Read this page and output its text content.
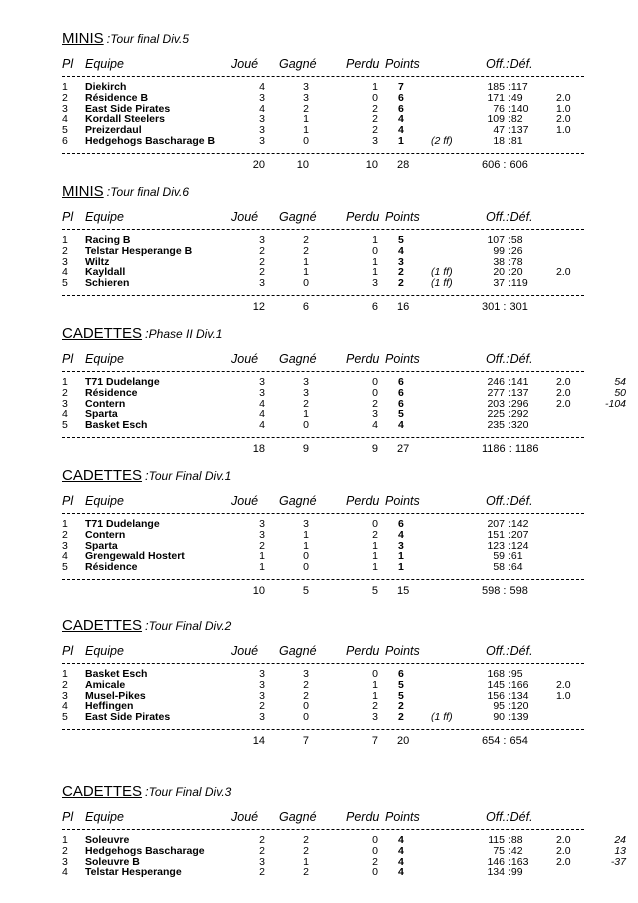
MINIS :Tour final Div.5
Pl Equipe	Joué Gagné Perdu Points	Off.:Déf.
1 Diekirch	4	3	1 7	185 :117
2 Résidence B	3	3	0 6	171 :49	2.0
3 East Side Pirates	4	2	2 6	76 :140	1.0
4 Kordall Steelers	3	1	2 4	109 :82	2.0
5 Preizerdaul	3	1	2 4	47 :137	1.0
6 Hedgehogs Bascharage B	3	0	3 1	(2 ff)	18 :81
20	10	10 28	606 : 606
MINIS :Tour final Div.6
Pl Equipe	Joué Gagné Perdu Points	Off.:Déf.
1 Racing B	3	2	1 5	107 :58
2 Telstar Hesperange B	2	2	0 4	99 :26
3 Wiltz	2	1	1 3	38 :78
4 Kayldall	2	1	1 2	(1 ff)	20 :20	2.0
5 Schieren	3	0	3 2	(1 ff)	37 :119
12	6	6 16	301 : 301
CADETTES :Phase II Div.1
Pl Equipe	Joué Gagné Perdu Points	Off.:Déf.
1 T71 Dudelange	3	3	0 6	246 :141	2.0	54
2 Résidence	3	3	0 6	277 :137	2.0	50
3 Contern	4	2	2 6	203 :296	2.0	-104
4 Sparta	4	1	3 5	225 :292
5 Basket Esch	4	0	4 4	235 :320
18	9	9 27	1186 : 1186
CADETTES :Tour Final Div.1
Pl Equipe	Joué Gagné Perdu Points	Off.:Déf.
1 T71 Dudelange	3	3	0 6	207 :142
2 Contern	3	1	2 4	151 :207
3 Sparta	2	1	1 3	123 :124
4 Grengewald Hostert	1	0	1 1	59 :61
5 Résidence	1	0	1 1	58 :64
10	5	5 15	598 : 598
CADETTES :Tour Final Div.2
Pl Equipe	Joué Gagné Perdu Points	Off.:Déf.
1 Basket Esch	3	3	0 6	168 :95
2 Amicale	3	2	1 5	145 :166	2.0
3 Musel-Pikes	3	2	1 5	156 :134	1.0
4 Heffingen	2	0	2 2	95 :120
5 East Side Pirates	3	0	3 2	(1 ff)	90 :139
14	7	7 20	654 : 654
CADETTES :Tour Final Div.3
Pl Equipe	Joué Gagné Perdu Points	Off.:Déf.
1 Soleuvre	2	2	0 4	115 :88	2.0	24
2 Hedgehogs Bascharage	2	2	0 4	75 :42	2.0	13
3 Soleuvre B	3	1	2 4	146 :163	2.0	-37
4 Telstar Hesperange	2	2	0 4	134 :99
